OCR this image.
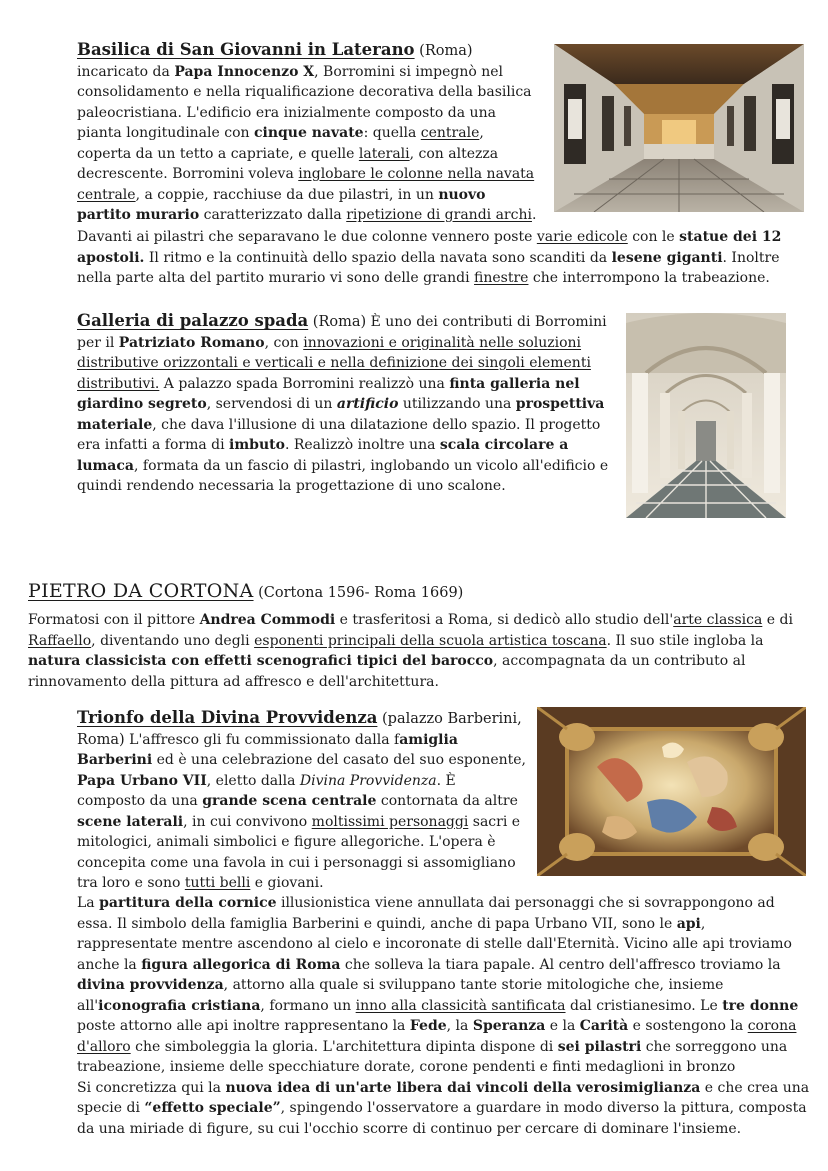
Basilica di San Giovanni in Laterano (Roma) incaricato da Papa Innocenzo X, Borromini si impegnò nel consolidamento e nella riqualificazione decorativa della basilica paleocristiana. L'edificio era inizialmente composto da una pianta longitudinale con cinque navate: quella centrale, coperta da un tetto a capriate, e quelle laterali, con altezza decrescente. Borromini voleva inglobare le colonne nella navata centrale, a coppie, racchiuse da due pilastri, in un nuovo partito murario caratterizzato dalla ripetizione di grandi archi.
Davanti ai pilastri che separavano le due colonne vennero poste varie edicole con le statue dei 12 apostoli. Il ritmo e la continuità dello spazio della navata sono scanditi da lesene giganti. Inoltre nella parte alta del partito murario vi sono delle grandi finestre che interrompono la trabeazione.
Galleria di palazzo spada (Roma) È uno dei contributi di Borromini per il Patriziato Romano, con innovazioni e originalità nelle soluzioni distributive orizzontali e verticali e nella definizione dei singoli elementi distributivi. A palazzo spada Borromini realizzò una finta galleria nel giardino segreto, servendosi di un artificio utilizzando una prospettiva materiale, che dava l'illusione di una dilatazione dello spazio. Il progetto era infatti a forma di imbuto. Realizzò inoltre una scala circolare a lumaca, formata da un fascio di pilastri, inglobando un vicolo all'edificio e quindi rendendo necessaria la progettazione di uno scalone.
PIETRO DA CORTONA (Cortona 1596- Roma 1669)
Formatosi con il pittore Andrea Commodi e trasferitosi a Roma, si dedicò allo studio dell'arte classica e di Raffaello, diventando uno degli esponenti principali della scuola artistica toscana. Il suo stile ingloba la natura classicista con effetti scenografici tipici del barocco, accompagnata da un contributo al rinnovamento della pittura ad affresco e dell'architettura.
Trionfo della Divina Provvidenza (palazzo Barberini, Roma) L'affresco gli fu commissionato dalla famiglia Barberini ed è una celebrazione del casato del suo esponente, Papa Urbano VII, eletto dalla Divina Provvidenza. È composto da una grande scena centrale contornata da altre scene laterali, in cui convivono moltissimi personaggi sacri e mitologici, animali simbolici e figure allegoriche. L'opera è concepita come una favola in cui i personaggi si assomigliano tra loro e sono tutti belli e giovani.
La partitura della cornice illusionistica viene annullata dai personaggi che si sovrappongono ad essa. Il simbolo della famiglia Barberini e quindi, anche di papa Urbano VII, sono le api, rappresentate mentre ascendono al cielo e incoronate di stelle dall'Eternità. Vicino alle api troviamo anche la figura allegorica di Roma che solleva la tiara papale. Al centro dell'affresco troviamo la divina provvidenza, attorno alla quale si sviluppano tante storie mitologiche che, insieme all'iconografia cristiana, formano un inno alla classicità santificata dal cristianesimo. Le tre donne poste attorno alle api inoltre rappresentano la Fede, la Speranza e la Carità e sostengono la corona d'alloro che simboleggia la gloria. L'architettura dipinta dispone di sei pilastri che sorreggono una trabeazione, insieme delle specchiature dorate, corone pendenti e finti medaglioni in bronzo
Si concretizza qui la nuova idea di un'arte libera dai vincoli della verosimiglianza e che crea una specie di “effetto speciale”, spingendo l'osservatore a guardare in modo diverso la pittura, composta da una miriade di figure, su cui l'occhio scorre di continuo per cercare di dominare l'insieme.
